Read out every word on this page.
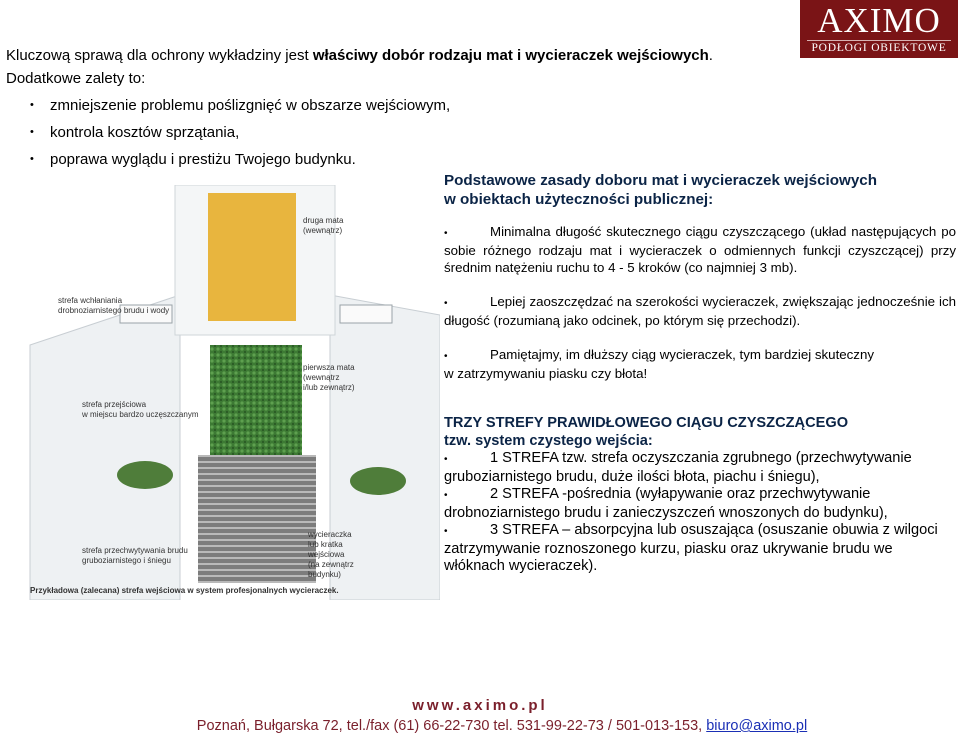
AXIMO
PODŁOGI OBIEKTOWE

Kluczową sprawą dla ochrony wykładziny jest właściwy dobór rodzaju mat i wycieraczek wejściowych.

Dodatkowe zalety to:

• zmniejszenie problemu poślizgnięć w obszarze wejściowym,
• kontrola kosztów sprzątania,
• poprawa wyglądu i prestiżu Twojego budynku.
druga mata
(wewnątrz)
strefa wchłaniania
drobnoziarnistego brudu i wody
strefa przejściowa
w miejscu bardzo uczęszczanym
pierwsza mata
(wewnątrz
i/lub zewnątrz)
wycieraczka
lub kratka
wejściowa
(na zewnątrz
budynku)
strefa przechwytywania brudu
gruboziarnistego i śniegu
Przykładowa (zalecana) strefa wejściowa w system profesjonalnych wycieraczek.
Podstawowe zasady doboru mat i wycieraczek wejściowych
w obiektach użyteczności publicznej:
•	Minimalna długość skutecznego ciągu czyszczącego (układ następujących po sobie różnego rodzaju mat i wycieraczek o odmiennych funkcji czyszczącej) przy średnim natężeniu ruchu to 4 - 5 kroków (co najmniej 3 mb).
•	Lepiej zaoszczędzać na szerokości wycieraczek, zwiększając jednocześnie ich długość (rozumianą jako odcinek, po którym się przechodzi).
•	Pamiętajmy, im dłuższy ciąg wycieraczek, tym bardziej skuteczny
w zatrzymywaniu piasku czy błota!
TRZY STREFY PRAWIDŁOWEGO CIĄGU CZYSZCZĄCEGO
tzw. system czystego wejścia:
•	1 STREFA tzw. strefa oczyszczania zgrubnego (przechwytywanie gruboziarnistego brudu, duże ilości błota, piachu i śniegu),
•	2 STREFA -pośrednia (wyłapywanie oraz przechwytywanie drobnoziarnistego brudu i zanieczyszczeń wnoszonych do budynku),
•	3 STREFA – absorpcyjna lub osuszająca (osuszanie obuwia z wilgoci zatrzymywanie roznoszonego kurzu, piasku oraz ukrywanie brudu we włóknach wycieraczek).
www.aximo.pl
Poznań, Bułgarska 72, tel./fax (61) 66-22-730 tel. 531-99-22-73 / 501-013-153, biuro@aximo.pl
